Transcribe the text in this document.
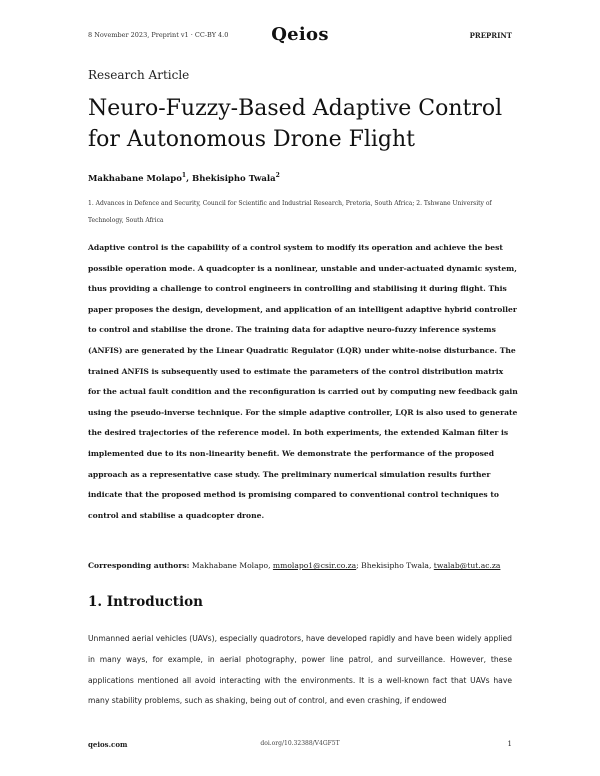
8 November 2023, Preprint v1 · CC-BY 4.0	Qeios	PREPRINT
Research Article
Neuro-Fuzzy-Based Adaptive Control for Autonomous Drone Flight
Makhabane Molapo$^1$, Bhekisipho Twala$^2$

1. Advances in Defence and Security, Council for Scientific and Industrial Research, Pretoria, South Africa; 2. Tshwane University of Technology, South Africa

Adaptive control is the capability of a control system to modify its operation and achieve the best possible operation mode. A quadcopter is a nonlinear, unstable and under-actuated dynamic system, thus providing a challenge to control engineers in controlling and stabilising it during flight. This paper proposes the design, development, and application of an intelligent adaptive hybrid controller to control and stabilise the drone. The training data for adaptive neuro-fuzzy inference systems (ANFIS) are generated by the Linear Quadratic Regulator (LQR) under white-noise disturbance. The trained ANFIS is subsequently used to estimate the parameters of the control distribution matrix for the actual fault condition and the reconfiguration is carried out by computing new feedback gain using the pseudo-inverse technique. For the simple adaptive controller, LQR is also used to generate the desired trajectories of the reference model. In both experiments, the extended Kalman filter is implemented due to its non-linearity benefit. We demonstrate the performance of the proposed approach as a representative case study. The preliminary numerical simulation results further indicate that the proposed method is promising compared to conventional control techniques to control and stabilise a quadcopter drone.

Corresponding authors: Makhabane Molapo, mmolapo1@csir.co.za; Bhekisipho Twala, twalab@tut.ac.za

1. Introduction

Unmanned aerial vehicles (UAVs), especially quadrotors, have developed rapidly and have been widely applied in many ways, for example, in aerial photography, power line patrol, and surveillance. However, these applications mentioned all avoid interacting with the environments. It is a well-known fact that UAVs have many stability problems, such as shaking, being out of control, and even crashing, if endowed

qeios.com	doi.org/10.32388/V4GF5T	1
